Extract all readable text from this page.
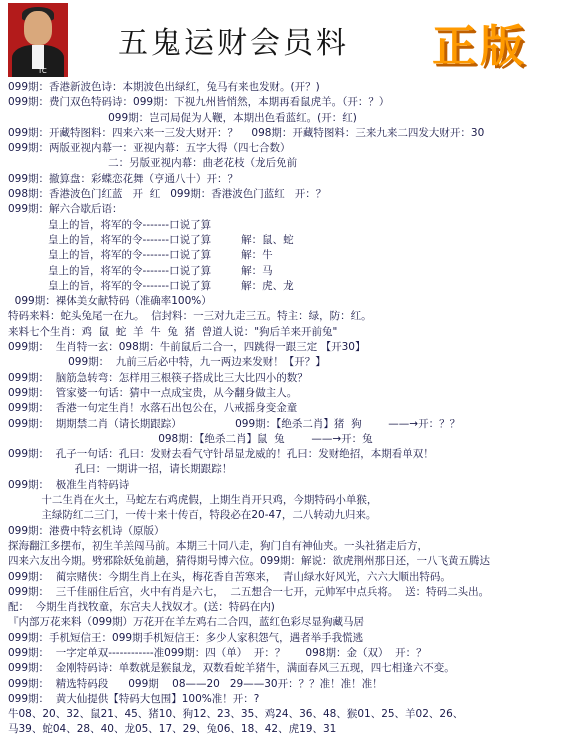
TC
五鬼运财会员料 正版
099期：香港新波色诗：本期波色出绿红，兔马有来也发财。(开？)
099期：费门双色特码诗：099期：下视九州皆悄然，本期再看鼠虎羊。（开：？）
099期：岂司局促为人鞭，本期出色看蓝红。(开：红)
099期：开藏特图料：四来六来一三发大财开：？    098期：开藏特图料：三来九来二四发大财开：30
099期：两版亚视内幕一：亚视内幕：五字大得（四七合数）
二：另版亚视内幕：曲老花枝（龙后免前
099期：撤算盘：彩蝶恋花舞（亨通八十）开：？
098期：香港波色门红蓝   开  红   099期：香港波色门蓝红   开：？
099期：解六合歇后语：
皇上的旨，将军的令-------口说了算
皇上的旨，将军的令-------口说了算         解：鼠、蛇
皇上的旨，将军的令-------口说了算         解：牛
皇上的旨，将军的令-------口说了算         解：马
皇上的旨，将军的令-------口说了算         解：虎、龙
099期：裸体美女献特码（准确率100%）
特码来料：蛇头兔尾一在九。  信封料：一三对九走三五。特主：绿，防：红。
来料七个生肖：鸡  鼠  蛇  羊  牛  兔  猪  曾道人说："狗后羊来开前兔"
099期：  生肖特一玄：098期：牛前鼠后二合一，四跳得一跟三定 【开30】
099期：  九前三后必中特，九一两边来发财！【开？】
099期：  脑筋急转弯：怎样用三根筷子搭成比三大比四小的数？
099期：  管家婆一句话：猜中一点成宝贵，从今翻身做主人。
099期：  香港一句定生肖！水落石出包公在，八戒摇身变金童
099期：  期期禁二肖（请长期跟踪）                099期：【绝杀二肖】猪  狗        ——→开：？？
098期：【绝杀二肖】鼠  兔        ——→开：兔
099期：  孔子一句话：孔曰：发财去看气守针昂显龙威的！孔曰：发财绝招，本期看单双！
孔曰：一期讲一招，请长期跟踪！
099期：  极准生肖特码诗
十二生肖在火土，马蛇左右鸡虎假，上期生肖开只鸡，今期特码小单猴，
主绿防红二三门，一传十来十传百，特段必在20-47，二八转动九归来。
099期：港费中特玄机诗（原版）
探海翻江多摆布，初生羊羔闯马前。本期三十同八走，狗门自有神仙夹。一头社猪走后方，
四来六友出今期。劈邪除妖兔前趟，猜得期号博六位。099期：解说：欲虎荆州那日还，一八飞黄五腾达
099期：  蔺宗赌侠：今期生肖上在头，梅花香自苦寒来，  青山绿水好风光，六六大顺出特码。
099期：  三千佳丽住后宫，火中有肖是六七，  二五想合一七开，元帅军中点兵将。  送：特码二头出。
配：  今期生肖找牧童，东宫夫人找奴才。(送：特码在内)
『内部万花来料（099期）万花开在羊左鸡右二合四，蓝红色彩尽显狗藏马居
099期：手机短信王：099期手机短信王：多少人家积怨气，遇者举手我慌逃
099期：  一字定单双------------准099期：四（单）  开：？      098期：金（双）  开：？
099期：  金刚特码诗：单数就是猴鼠龙，双数看蛇羊猪牛，满面春风三五现，四七相逢六不变。
099期：  精选特码段      099期    08——20   29——30开：？？准！准！准！
099期：  黄大仙提供【特码大包围】100%准！开：?
牛08、20、32、鼠21、45、猪10、狗12、23、35、鸡24、36、48、猴01、25、羊02、26、
马39、蛇04、28、40、龙05、17、29、兔06、18、42、虎19、31
